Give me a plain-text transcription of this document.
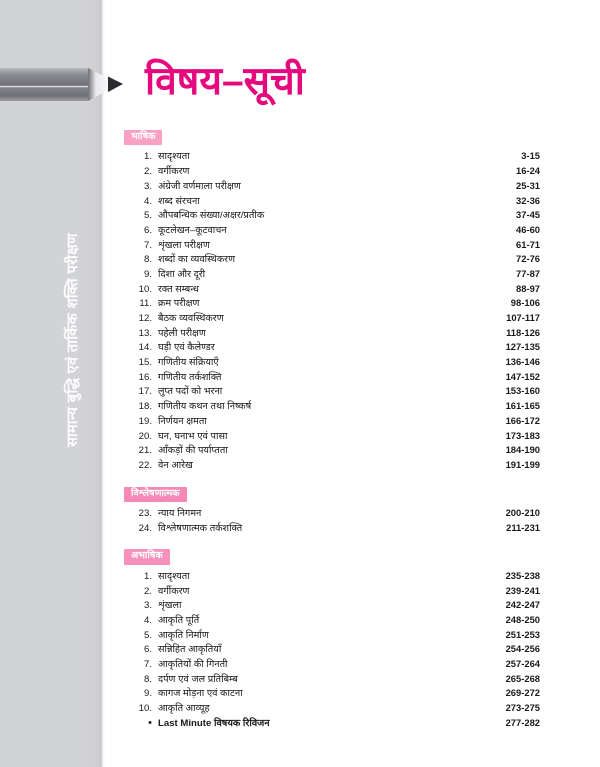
सामान्य बुद्धि एवं तार्किक शक्ति परीक्षण
विषय–सूची
भाषिक
1. सादृश्यता	3-15
2. वर्गीकरण	16-24
3. अंग्रेजी वर्णमाला परीक्षण	25-31
4. शब्द संरचना	32-36
5. औपबन्धिक संख्या/अक्षर/प्रतीक	37-45
6. कूटलेखन–कूटवाचन	46-60
7. शृंखला परीक्षण	61-71
8. शब्दों का व्यवस्थिकरण	72-76
9. दिशा और दूरी	77-87
10. रक्त सम्बन्ध	88-97
11. क्रम परीक्षण	98-106
12. बैठक व्यवस्थिकरण	107-117
13. पहेली परीक्षण	118-126
14. घड़ी एवं कैलेण्डर	127-135
15. गणितीय संक्रियाएँ	136-146
16. गणितीय तर्कशक्ति	147-152
17. लुप्त पदों को भरना	153-160
18. गणितीय कथन तथा निष्कर्ष	161-165
19. निर्णयन क्षमता	166-172
20. घन, घनाभ एवं पासा	173-183
21. आँकड़ों की पर्याप्तता	184-190
22. वेन आरेख	191-199
विश्लेषणात्मक
23. न्याय निगमन	200-210
24. विश्लेषणात्मक तर्कशक्ति	211-231
अभाषिक
1. सादृश्यता	235-238
2. वर्गीकरण	239-241
3. शृंखला	242-247
4. आकृति पूर्ति	248-250
5. आकृति निर्माण	251-253
6. सन्निहित आकृतियाँ	254-256
7. आकृतियों की गिनती	257-264
8. दर्पण एवं जल प्रतिबिम्ब	265-268
9. कागज मोड़ना एवं काटना	269-272
10. आकृति आव्यूह	273-275
• Last Minute विषयक रिविजन	277-282
